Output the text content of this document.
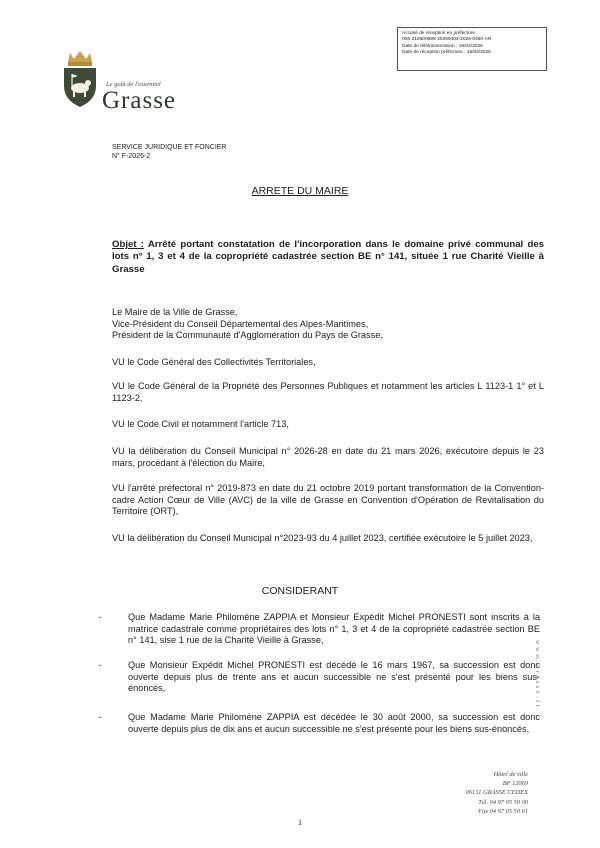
Le goût de l'essentiel
Grasse
Accusé de réception en préfecture
006-210600698-20260403-2026-0460-AR
Date de télétransmission : 16/04/2026
Date de réception préfecture : 16/04/2026
SERVICE JURIDIQUE ET FONCIER
N° F-2026-2
ARRETE DU MAIRE
Objet : Arrêté portant constatation de l'incorporation dans le domaine privé communal des lots n° 1, 3 et 4 de la copropriété cadastrée section BE n° 141, située 1 rue Charité Vieille à Grasse
Le Maire de la Ville de Grasse,
Vice-Président du Conseil Départemental des Alpes-Maritimes,
Président de la Communauté d'Agglomération du Pays de Grasse,
VU le Code Général des Collectivités Territoriales,
VU le Code Général de la Propriété des Personnes Publiques et notamment les articles L 1123-1 1° et L 1123-2,
VU le Code Civil et notamment l'article 713,
VU la délibération du Conseil Municipal n° 2026-28 en date du 21 mars 2026, exécutoire depuis le 23 mars, procédant à l'élection du Maire,
VU l'arrêté préfectoral n° 2019-873 en date du 21 octobre 2019 portant transformation de la Convention-cadre Action Cœur de Ville (AVC) de la ville de Grasse en Convention d'Opération de Revitalisation du Territoire (ORT),
VU la délibération du Conseil Municipal n°2023-93 du 4 juillet 2023, certifiée exécutoire le 5 juillet 2023,
CONSIDERANT
-	Que Madame Marie Philomène ZAPPIA et Monsieur Expédit Michel PRONESTI sont inscrits à la matrice cadastrale comme propriétaires des lots n° 1, 3 et 4 de la copropriété cadastrée section BE n° 141, sise 1 rue de la Charité Vieille à Grasse,
-	Que Monsieur Expédit Michel PRONESTI est décédé le 16 mars 1967, sa succession est donc ouverte depuis plus de trente ans et aucun successible ne s'est présenté pour les biens sus-énoncés,
-	Que Madame Marie Philomène ZAPPIA est décédée le 30 août 2000, sa succession est donc ouverte depuis plus de dix ans et aucun successible ne s'est présenté pour les biens sus-énoncés,
Hôtel de ville
BP 12069
06131 GRASSE CEDEX
Tél. 04 97 05 50 00
Fax 04 97 05 50 61
www.grasse.fr
1
